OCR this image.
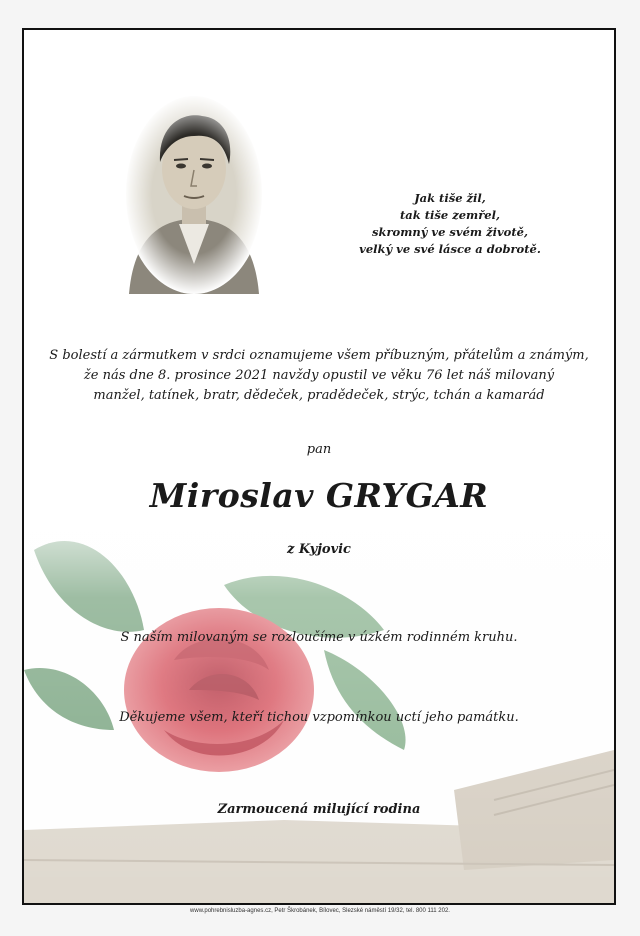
Jak tiše žil,
tak tiše zemřel,
skromný ve svém životě,
velký ve své lásce a dobrotě.
S bolestí a zármutkem v srdci oznamujeme všem příbuzným, přátelům a známým,
že nás dne 8. prosince 2021 navždy opustil ve věku 76 let náš milovaný
manžel, tatínek, bratr, dědeček, pradědeček, strýc, tchán a kamarád
pan
Miroslav GRYGAR
z Kyjovic
S naším milovaným se rozloučíme v úzkém rodinném kruhu.
Děkujeme všem, kteří tichou vzpomínkou uctí jeho památku.
Zarmoucená milující rodina
www.pohrebnisluzba-agnes.cz, Petr Škrobánek, Bílovec, Slezské náměstí 19/32, tel. 800 111 202.
